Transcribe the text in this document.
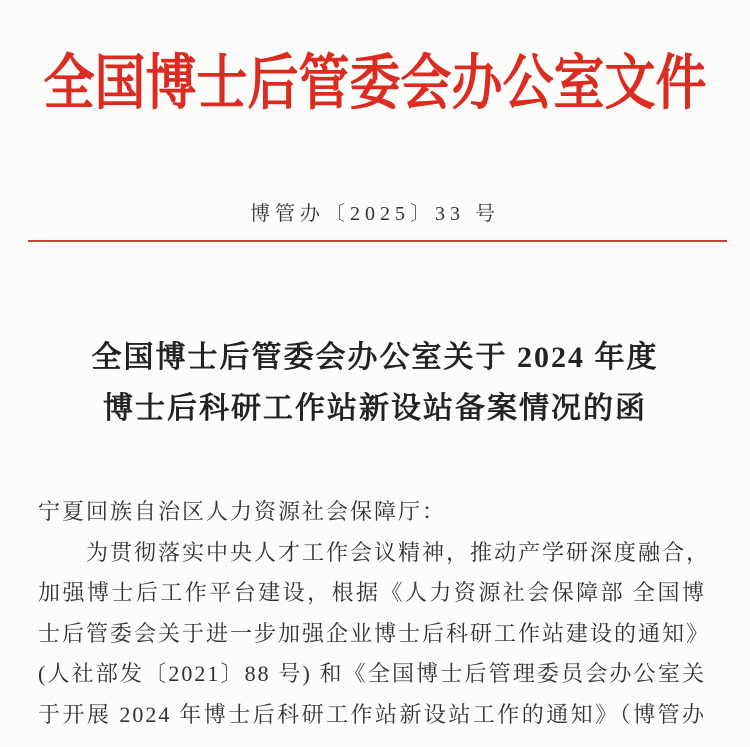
全国博士后管委会办公室文件
博管办〔2025〕33 号
全国博士后管委会办公室关于 2024 年度
博士后科研工作站新设站备案情况的函
宁夏回族自治区人力资源社会保障厅：
　　为贯彻落实中央人才工作会议精神，推动产学研深度融合，
加强博士后工作平台建设，根据《人力资源社会保障部 全国博
士后管委会关于进一步加强企业博士后科研工作站建设的通知》
(人社部发〔2021〕88 号) 和《全国博士后管理委员会办公室关
于开展 2024 年博士后科研工作站新设站工作的通知》（博管办
